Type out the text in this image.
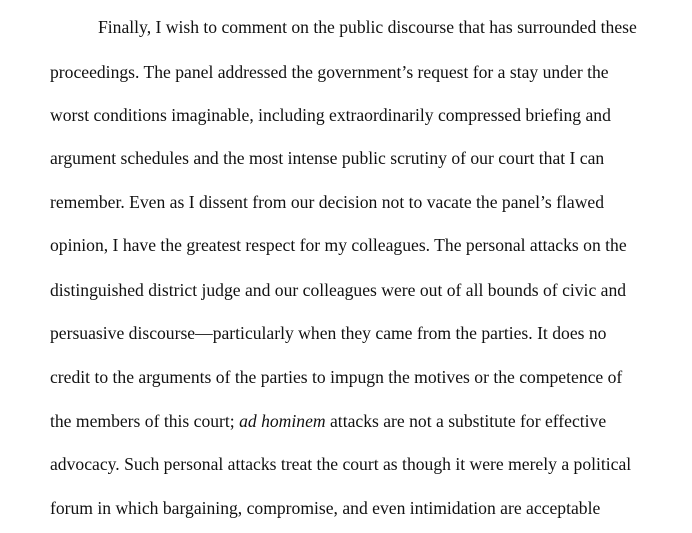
Finally, I wish to comment on the public discourse that has surrounded these
proceedings. The panel addressed the government’s request for a stay under the
worst conditions imaginable, including extraordinarily compressed briefing and
argument schedules and the most intense public scrutiny of our court that I can
remember. Even as I dissent from our decision not to vacate the panel’s flawed
opinion, I have the greatest respect for my colleagues. The personal attacks on the
distinguished district judge and our colleagues were out of all bounds of civic and
persuasive discourse—particularly when they came from the parties. It does no
credit to the arguments of the parties to impugn the motives or the competence of
the members of this court; ad hominem attacks are not a substitute for effective
advocacy. Such personal attacks treat the court as though it were merely a political
forum in which bargaining, compromise, and even intimidation are acceptable
